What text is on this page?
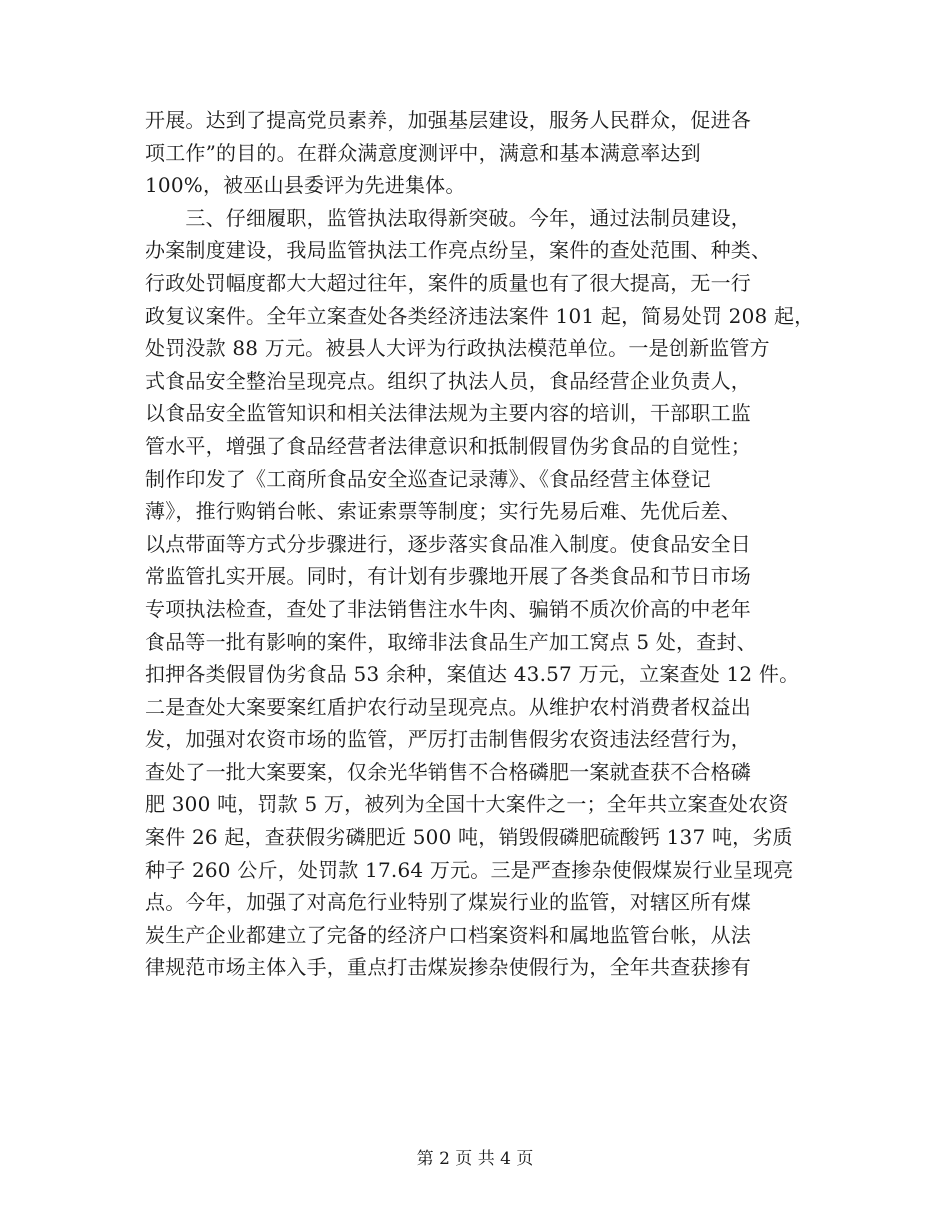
开展。达到了提高党员素养，加强基层建设，服务人民群众，促进各
项工作”的目的。在群众满意度测评中，满意和基本满意率达到
100%，被巫山县委评为先进集体。
　　三、仔细履职，监管执法取得新突破。今年，通过法制员建设，
办案制度建设，我局监管执法工作亮点纷呈，案件的查处范围、种类、
行政处罚幅度都大大超过往年，案件的质量也有了很大提高，无一行
政复议案件。全年立案查处各类经济违法案件 101 起，简易处罚 208 起，
处罚没款 88 万元。被县人大评为行政执法模范单位。一是创新监管方
式食品安全整治呈现亮点。组织了执法人员，食品经营企业负责人，
以食品安全监管知识和相关法律法规为主要内容的培训，干部职工监
管水平，增强了食品经营者法律意识和抵制假冒伪劣食品的自觉性；
制作印发了《工商所食品安全巡查记录薄》、《食品经营主体登记
薄》，推行购销台帐、索证索票等制度；实行先易后难、先优后差、
以点带面等方式分步骤进行，逐步落实食品准入制度。使食品安全日
常监管扎实开展。同时，有计划有步骤地开展了各类食品和节日市场
专项执法检查，查处了非法销售注水牛肉、骗销不质次价高的中老年
食品等一批有影响的案件，取缔非法食品生产加工窝点 5 处，查封、
扣押各类假冒伪劣食品 53 余种，案值达 43.57 万元，立案查处 12 件。
二是查处大案要案红盾护农行动呈现亮点。从维护农村消费者权益出
发，加强对农资市场的监管，严厉打击制售假劣农资违法经营行为，
查处了一批大案要案，仅余光华销售不合格磷肥一案就查获不合格磷
肥 300 吨，罚款 5 万，被列为全国十大案件之一；全年共立案查处农资
案件 26 起，查获假劣磷肥近 500 吨，销毁假磷肥硫酸钙 137 吨，劣质
种子 260 公斤，处罚款 17.64 万元。三是严查掺杂使假煤炭行业呈现亮
点。今年，加强了对高危行业特别了煤炭行业的监管，对辖区所有煤
炭生产企业都建立了完备的经济户口档案资料和属地监管台帐，从法
律规范市场主体入手，重点打击煤炭掺杂使假行为，全年共查获掺有
第 2 页 共 4 页
